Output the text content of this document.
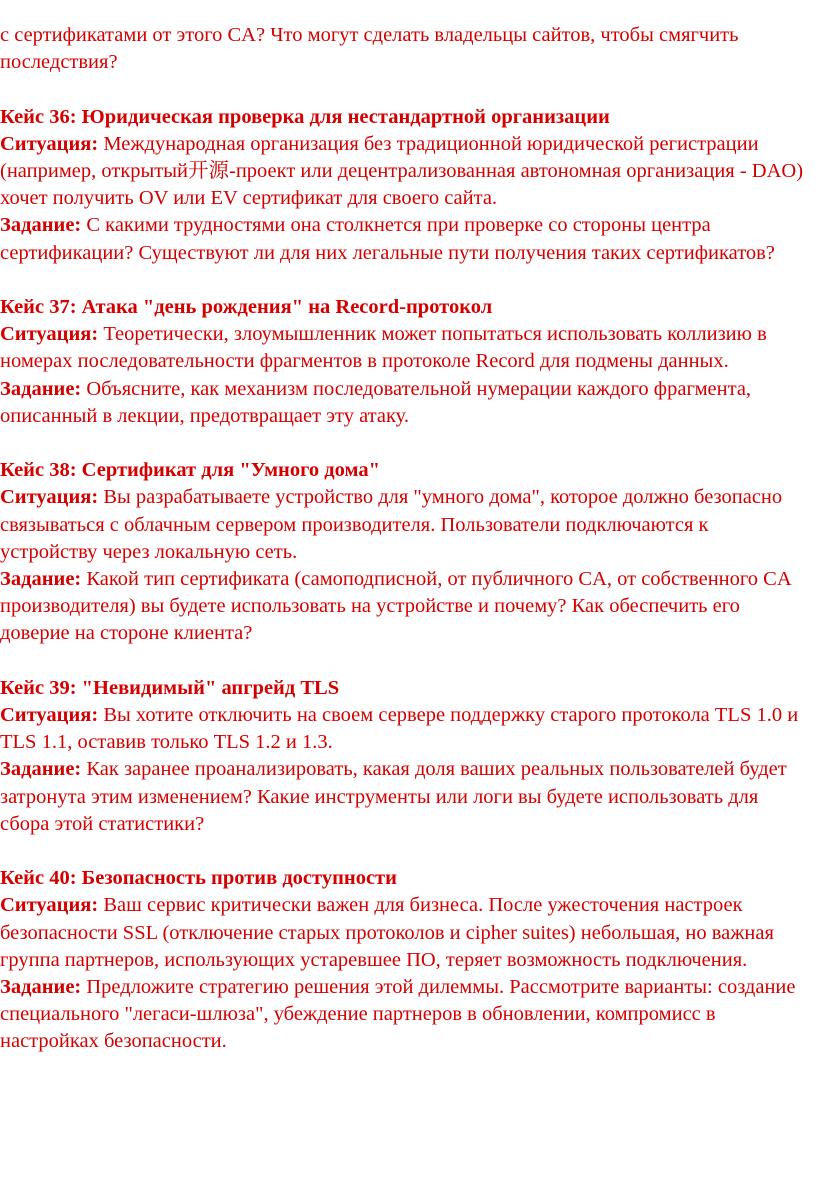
с сертификатами от этого CA? Что могут сделать владельцы сайтов, чтобы смягчить последствия?

Кейс 36: Юридическая проверка для нестандартной организации

Ситуация: Международная организация без традиционной юридической регистрации (например, открытый开源-проект или децентрализованная автономная организация - DAO) хочет получить OV или EV сертификат для своего сайта.

Задание: С какими трудностями она столкнется при проверке со стороны центра сертификации? Существуют ли для них легальные пути получения таких сертификатов?

Кейс 37: Атака "день рождения" на Record-протокол

Ситуация: Теоретически, злоумышленник может попытаться использовать коллизию в номерах последовательности фрагментов в протоколе Record для подмены данных.

Задание: Объясните, как механизм последовательной нумерации каждого фрагмента, описанный в лекции, предотвращает эту атаку.

Кейс 38: Сертификат для "Умного дома"

Ситуация: Вы разрабатываете устройство для "умного дома", которое должно безопасно связываться с облачным сервером производителя. Пользователи подключаются к устройству через локальную сеть.

Задание: Какой тип сертификата (самоподписной, от публичного CA, от собственного CA производителя) вы будете использовать на устройстве и почему? Как обеспечить его доверие на стороне клиента?

Кейс 39: "Невидимый" апгрейд TLS

Ситуация: Вы хотите отключить на своем сервере поддержку старого протокола TLS 1.0 и TLS 1.1, оставив только TLS 1.2 и 1.3.

Задание: Как заранее проанализировать, какая доля ваших реальных пользователей будет затронута этим изменением? Какие инструменты или логи вы будете использовать для сбора этой статистики?

Кейс 40: Безопасность против доступности

Ситуация: Ваш сервис критически важен для бизнеса. После ужесточения настроек безопасности SSL (отключение старых протоколов и cipher suites) небольшая, но важная группа партнеров, использующих устаревшее ПО, теряет возможность подключения.

Задание: Предложите стратегию решения этой дилеммы. Рассмотрите варианты: создание специального "легаси-шлюза", убеждение партнеров в обновлении, компромисс в настройках безопасности.
